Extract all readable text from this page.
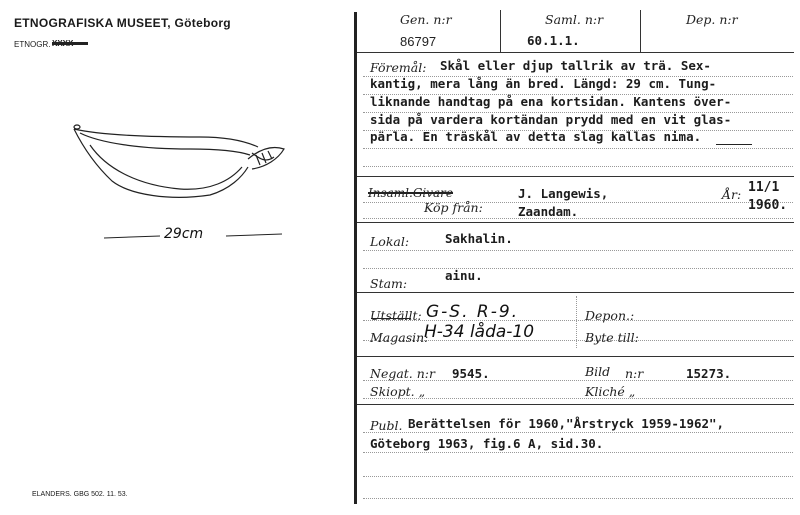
ETNOGRAFISKA MUSEET, Göteborg
ETNOGR.
29cm
ELANDERS. GBG 502. 11. 53.
Gen. n:r	Saml. n:r	Dep. n:r
86797	60.1.1.
Föremål: Skål eller djup tallrik av trä. Sex-
kantig, mera lång än bred. Längd: 29 cm. Tung-
liknande handtag på ena kortsidan. Kantens över-
sida på vardera kortändan prydd med en vit glas-
pärla. En träskål av detta slag kallas nima.
Insaml.Givare
Köp från:
J. Langewis,
Zaandam.
År: 11/1
1960.
Lokal:	Sakhalin.
Stam:
ainu.
Utställt: G-S. R-9.
Magasin:
H-34 låda-10
Depon.:
Byte till:
Negat. n:r 9545.	Bild n:r	15273.
Skiopt. „	Kliché „
Publ. Berättelsen för 1960,"Årstryck 1959-1962",
Göteborg 1963, fig.6 A, sid.30.
